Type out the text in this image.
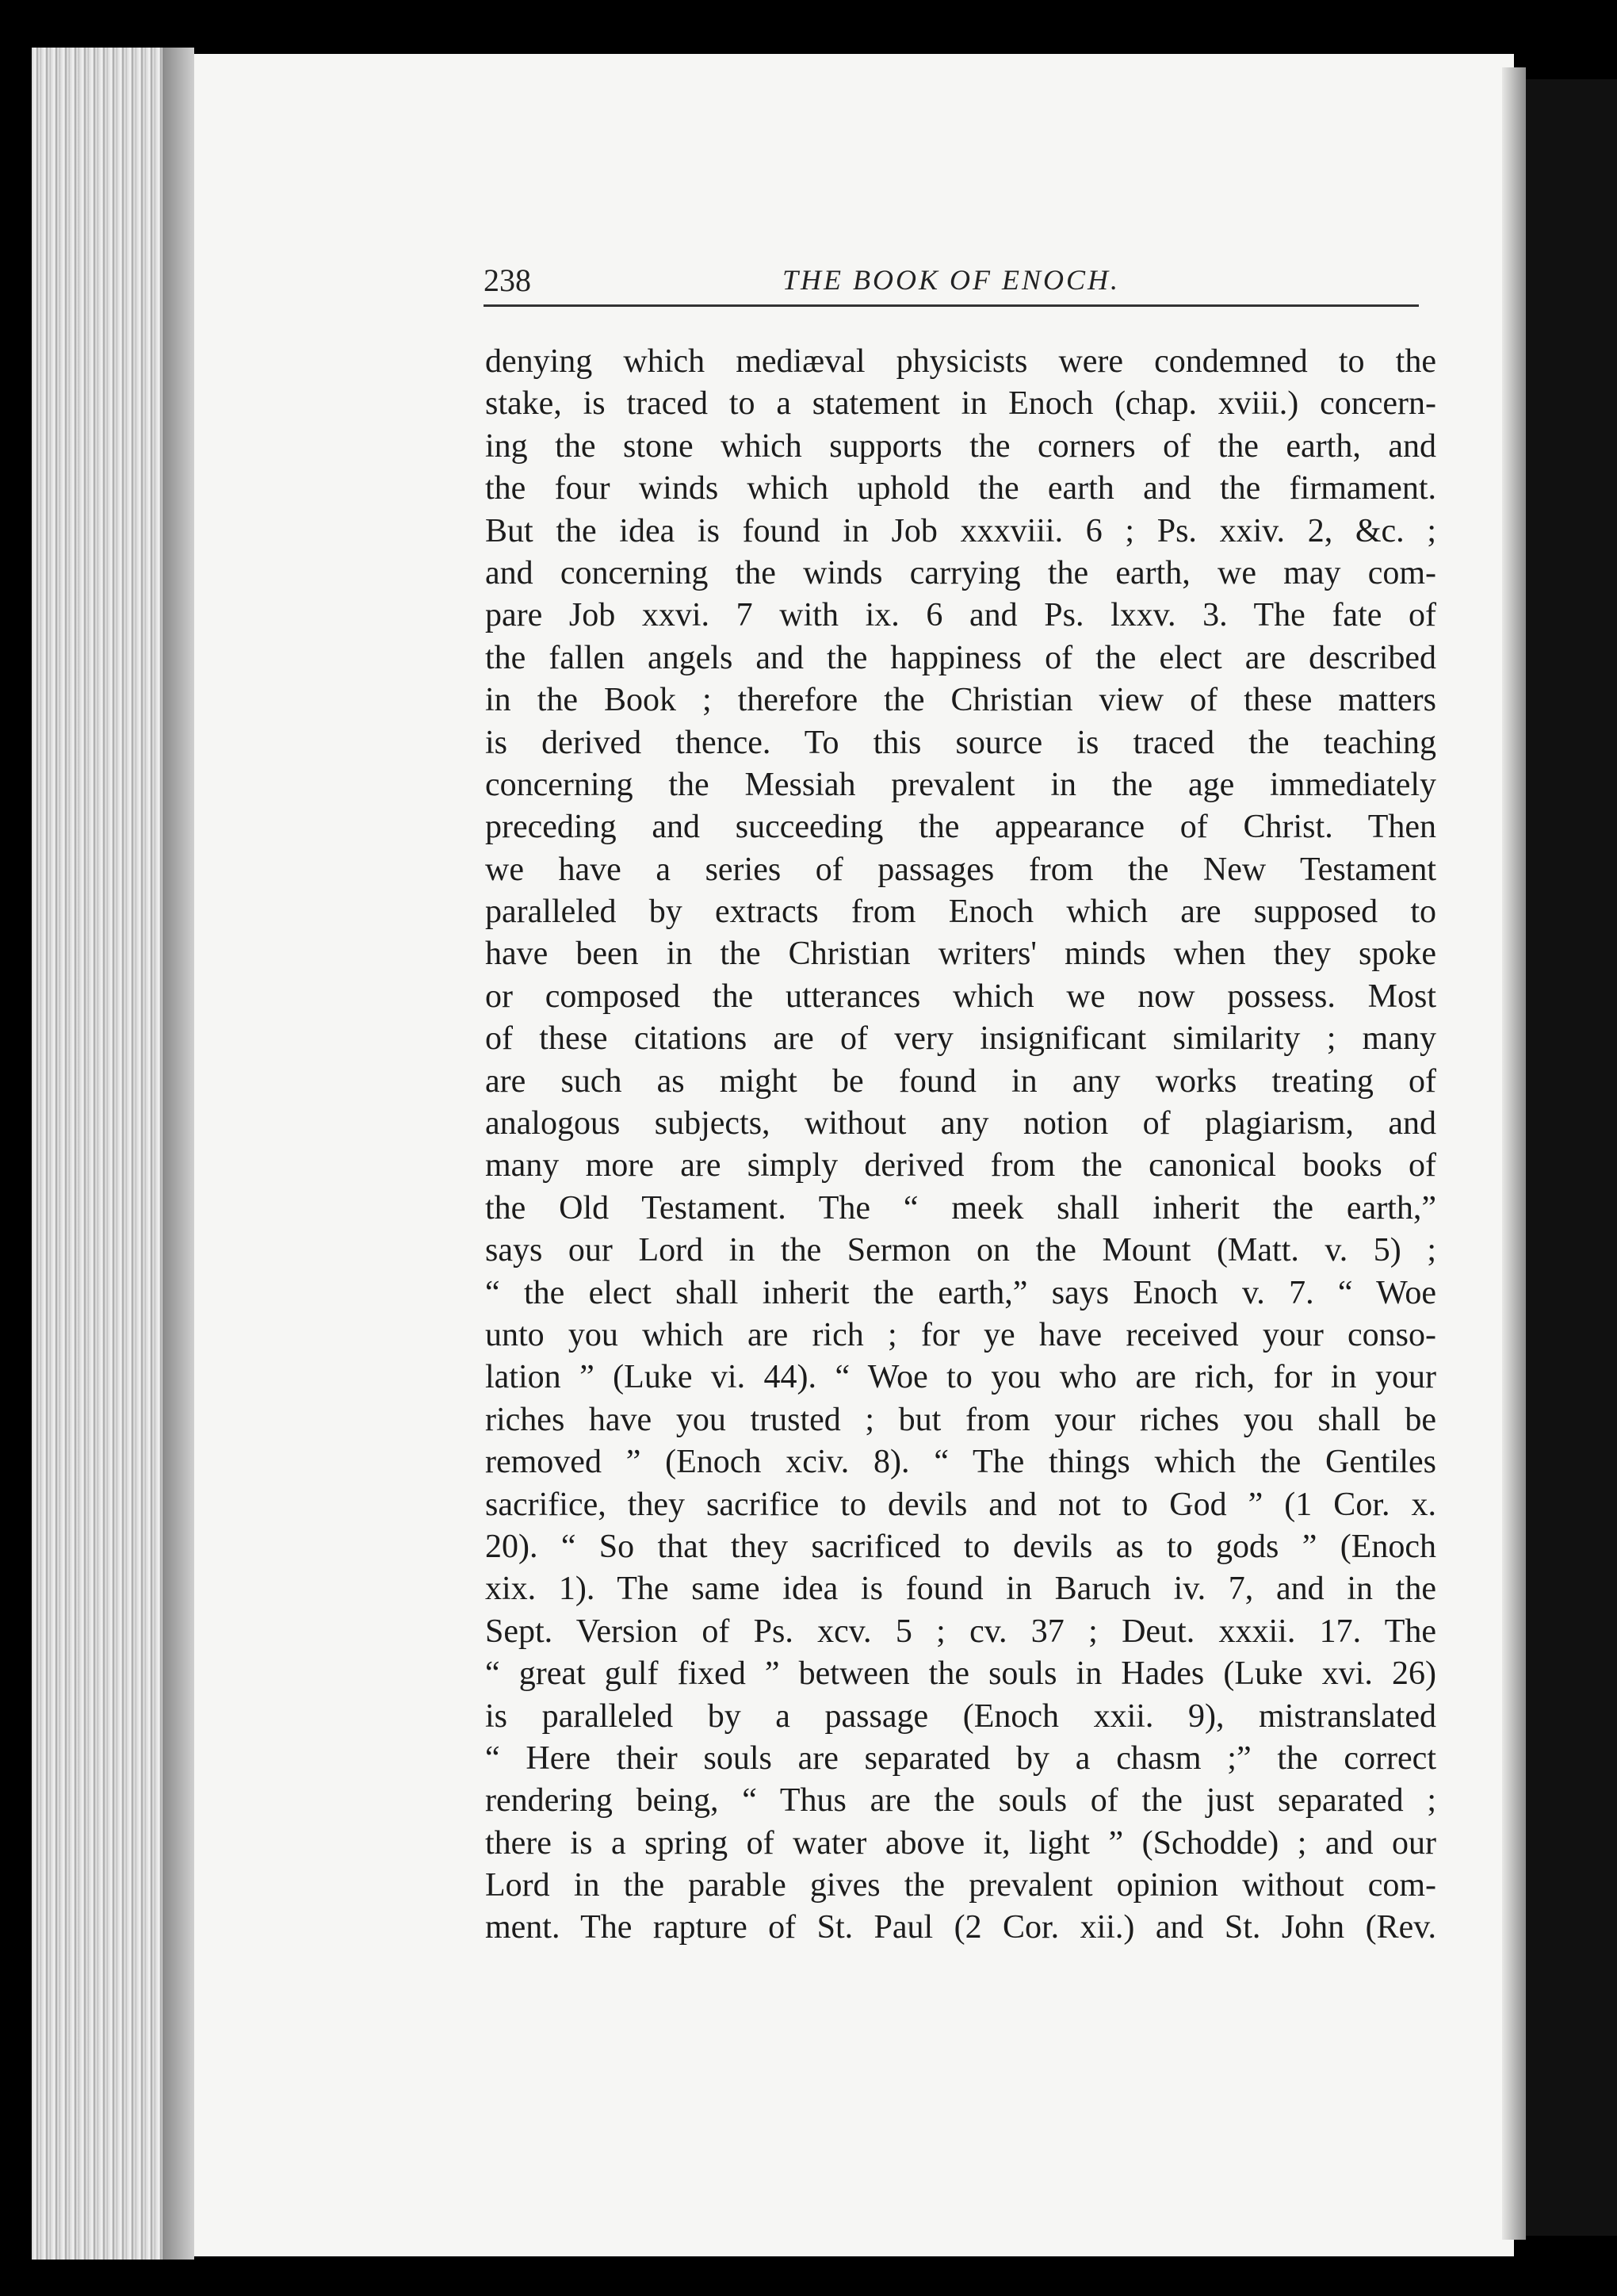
238	THE BOOK OF ENOCH.
denying which mediæval physicists were condemned to the
stake, is traced to a statement in Enoch (chap. xviii.) concern-
ing the stone which supports the corners of the earth, and
the four winds which uphold the earth and the firmament.
But the idea is found in Job xxxviii. 6 ; Ps. xxiv. 2, &c. ;
and concerning the winds carrying the earth, we may com-
pare Job xxvi. 7 with ix. 6 and Ps. lxxv. 3. The fate of
the fallen angels and the happiness of the elect are described
in the Book ; therefore the Christian view of these matters
is derived thence. To this source is traced the teaching
concerning the Messiah prevalent in the age immediately
preceding and succeeding the appearance of Christ. Then
we have a series of passages from the New Testament
paralleled by extracts from Enoch which are supposed to
have been in the Christian writers' minds when they spoke
or composed the utterances which we now possess. Most
of these citations are of very insignificant similarity ; many
are such as might be found in any works treating of
analogous subjects, without any notion of plagiarism, and
many more are simply derived from the canonical books of
the Old Testament. The “ meek shall inherit the earth,”
says our Lord in the Sermon on the Mount (Matt. v. 5) ;
“ the elect shall inherit the earth,” says Enoch v. 7. “ Woe
unto you which are rich ; for ye have received your conso-
lation ” (Luke vi. 44). “ Woe to you who are rich, for in your
riches have you trusted ; but from your riches you shall be
removed ” (Enoch xciv. 8). “ The things which the Gentiles
sacrifice, they sacrifice to devils and not to God ” (1 Cor. x.
20). “ So that they sacrificed to devils as to gods ” (Enoch
xix. 1). The same idea is found in Baruch iv. 7, and in the
Sept. Version of Ps. xcv. 5 ; cv. 37 ; Deut. xxxii. 17. The
“ great gulf fixed ” between the souls in Hades (Luke xvi. 26)
is paralleled by a passage (Enoch xxii. 9), mistranslated
“ Here their souls are separated by a chasm ;” the correct
rendering being, “ Thus are the souls of the just separated ;
there is a spring of water above it, light ” (Schodde) ; and our
Lord in the parable gives the prevalent opinion without com-
ment. The rapture of St. Paul (2 Cor. xii.) and St. John (Rev.
